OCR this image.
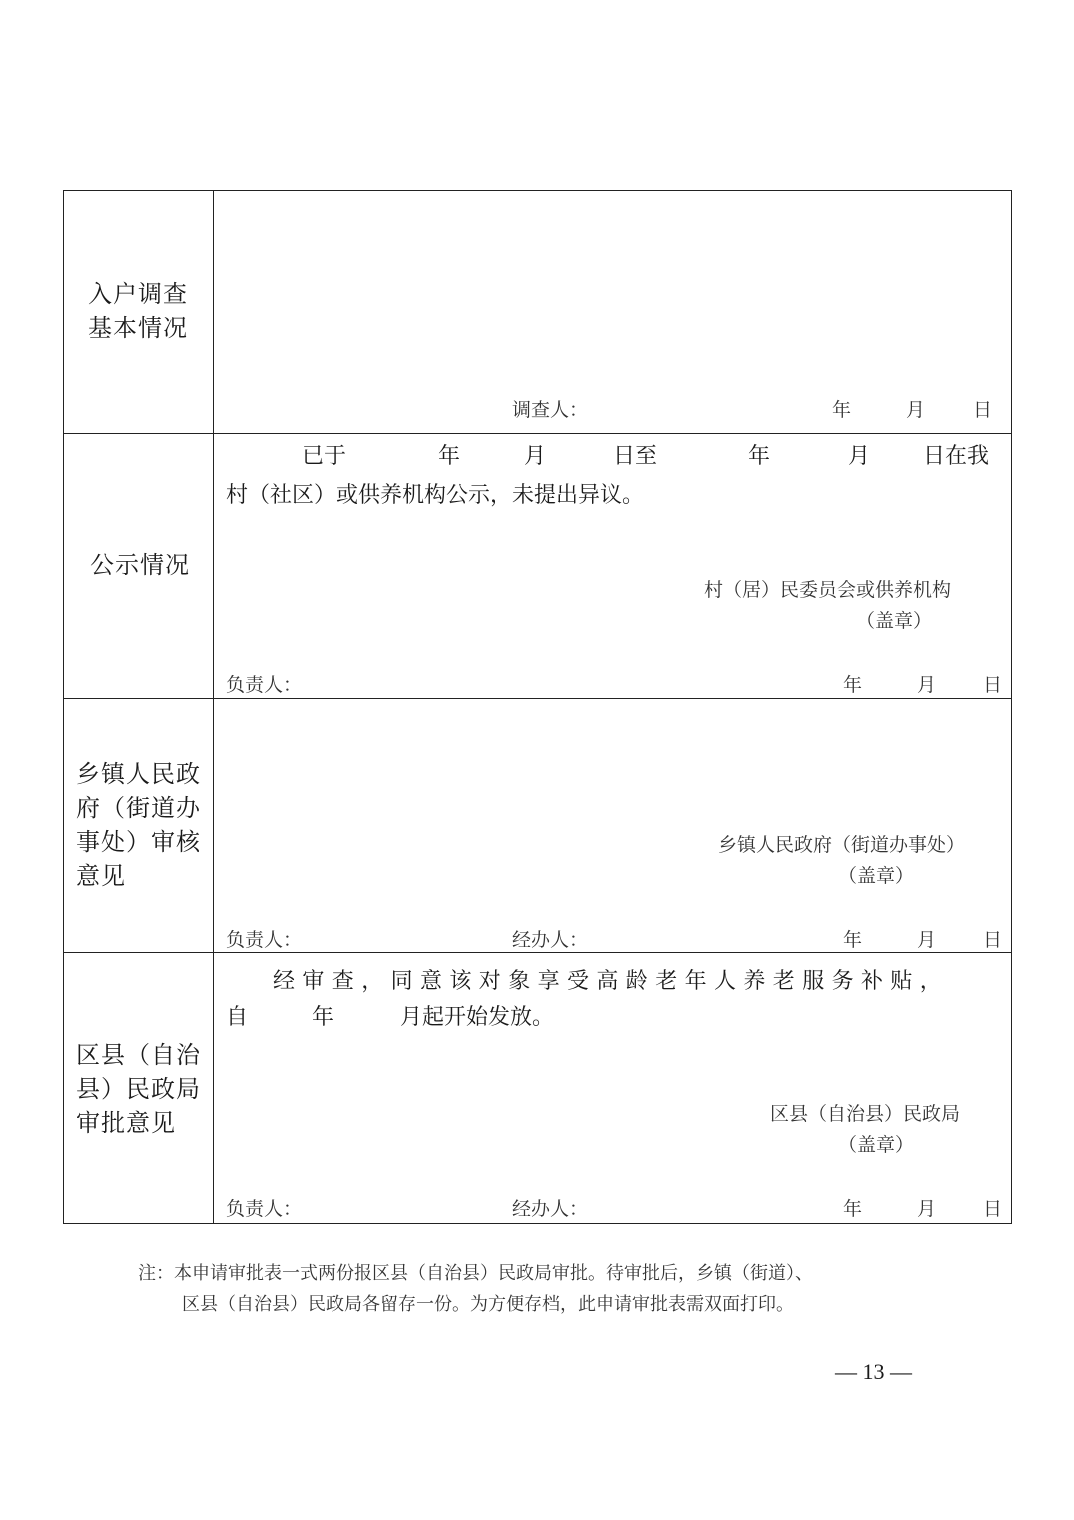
入户调查
基本情况
调查人：	年	月	日
公示情况
已于	年	月	日至	年	月 日在我
村（社区）或供养机构公示，未提出异议。
村（居）民委员会或供养机构
（盖章）
负责人：	年	月 日
乡镇人民政
府（街道办
事处）审核
意见
乡镇人民政府（街道办事处）
（盖章）
负责人：	经办人：	年	月 日
区县（自治
县）民政局
审批意见
经审查，同意该对象享受高龄老年人养老服务补贴，
自	年	月起开始发放。
区县（自治县）民政局
（盖章）
负责人：	经办人：	年	月 日
注：本申请审批表一式两份报区县（自治县）民政局审批。待审批后，乡镇（街道）、
区县（自治县）民政局各留存一份。为方便存档，此申请审批表需双面打印。
— 13 —
